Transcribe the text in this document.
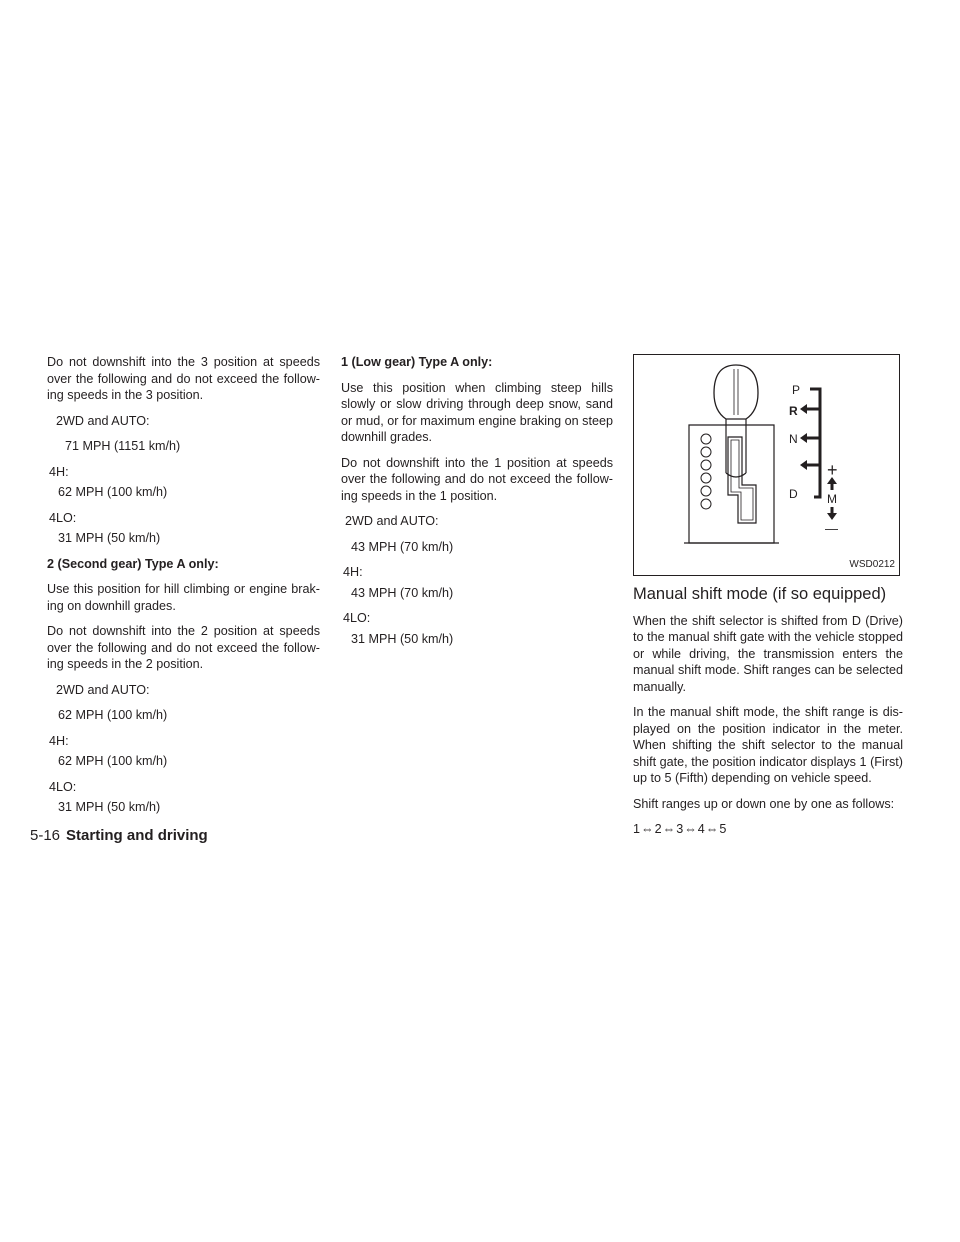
Do not downshift into the 3 position at speeds over the following and do not exceed the follow-ing speeds in the 3 position.

2WD and AUTO:
71 MPH (1151 km/h)
4H:
62 MPH (100 km/h)
4LO:
31 MPH (50 km/h)
2 (Second gear) Type A only:

Use this position for hill climbing or engine brak-ing on downhill grades.

Do not downshift into the 2 position at speeds over the following and do not exceed the follow-ing speeds in the 2 position.

2WD and AUTO:
62 MPH (100 km/h)
4H:
62 MPH (100 km/h)
4LO:
31 MPH (50 km/h)
1 (Low gear) Type A only:

Use this position when climbing steep hills slowly or slow driving through deep snow, sand or mud, or for maximum engine braking on steep downhill grades.

Do not downshift into the 1 position at speeds over the following and do not exceed the follow-ing speeds in the 1 position.

2WD and AUTO:
43 MPH (70 km/h)
4H:
43 MPH (70 km/h)
4LO:
31 MPH (50 km/h)
P
R
N
D
+
M
—
WSD0212
Manual shift mode (if so equipped)

When the shift selector is shifted from D (Drive) to the manual shift gate with the vehicle stopped or while driving, the transmission enters the manual shift mode. Shift ranges can be selected manually.

In the manual shift mode, the shift range is dis-played on the position indicator in the meter. When shifting the shift selector to the manual shift gate, the position indicator displays 1 (First) up to 5 (Fifth) depending on vehicle speed.

Shift ranges up or down one by one as follows:

1⇔2⇔3⇔4⇔5

5-16 Starting and driving
